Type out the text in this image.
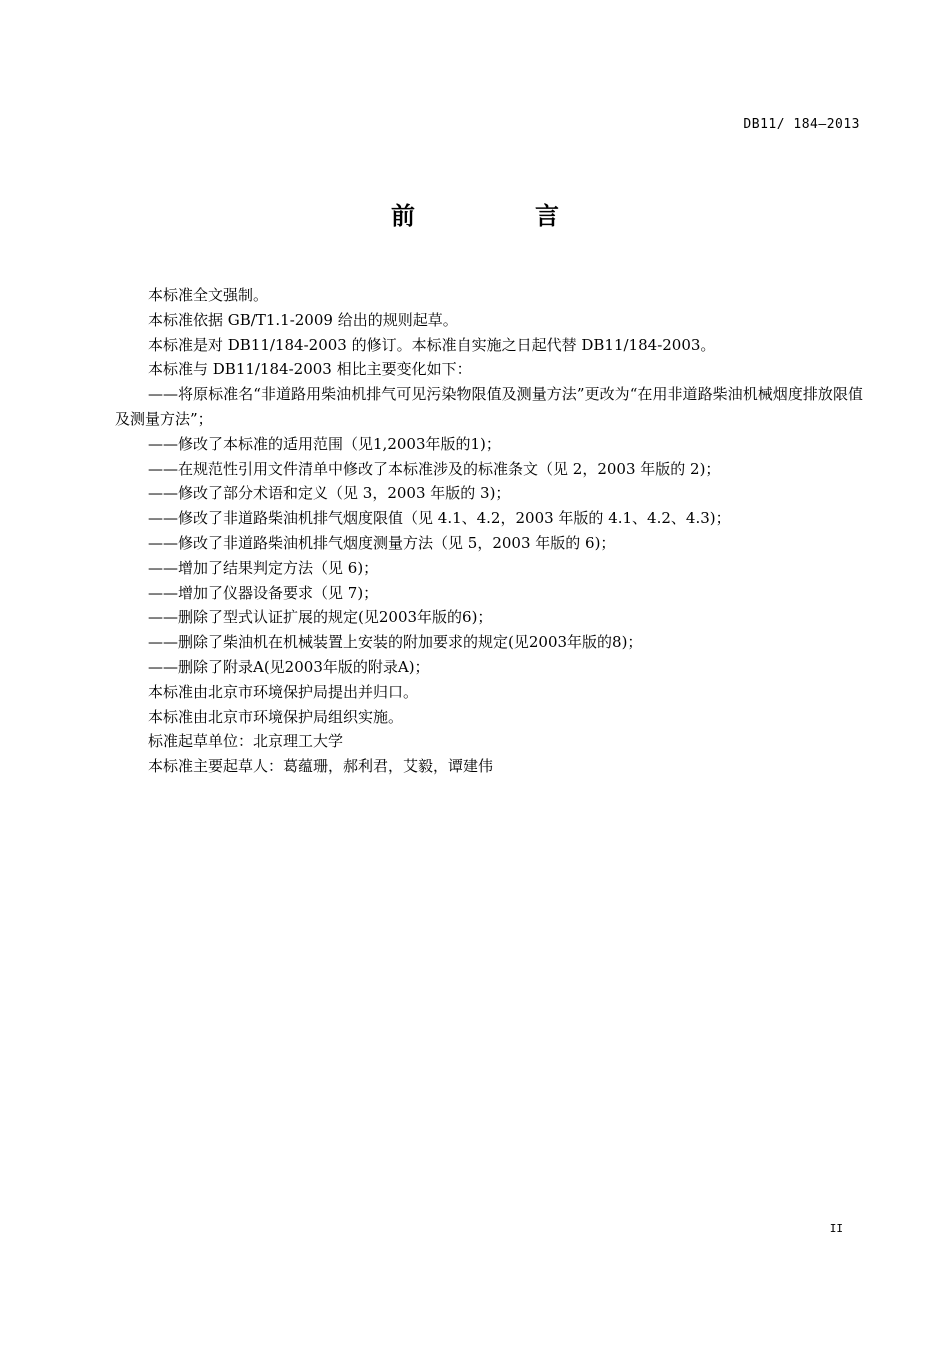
DB11/ 184—2013
前　言

本标准全文强制。

本标准依据 GB/T1.1-2009 给出的规则起草。

本标准是对 DB11/184-2003 的修订。本标准自实施之日起代替 DB11/184-2003。

本标准与 DB11/184-2003 相比主要变化如下：

——将原标准名“非道路用柴油机排气可见污染物限值及测量方法”更改为“在用非道路柴油机械烟度排放限值及测量方法”；

——修改了本标准的适用范围（见1,2003年版的1)；

——在规范性引用文件清单中修改了本标准涉及的标准条文（见 2，2003 年版的 2)；

——修改了部分术语和定义（见 3，2003 年版的 3)；

——修改了非道路柴油机排气烟度限值（见 4.1、4.2，2003 年版的 4.1、4.2、4.3)；

——修改了非道路柴油机排气烟度测量方法（见 5，2003 年版的 6)；

——增加了结果判定方法（见 6)；

——增加了仪器设备要求（见 7)；

——删除了型式认证扩展的规定(见2003年版的6)；

——删除了柴油机在机械装置上安装的附加要求的规定(见2003年版的8)；

——删除了附录A(见2003年版的附录A)；

本标准由北京市环境保护局提出并归口。

本标准由北京市环境保护局组织实施。

标准起草单位：北京理工大学

本标准主要起草人：葛蕴珊，郝利君，艾毅，谭建伟

II
